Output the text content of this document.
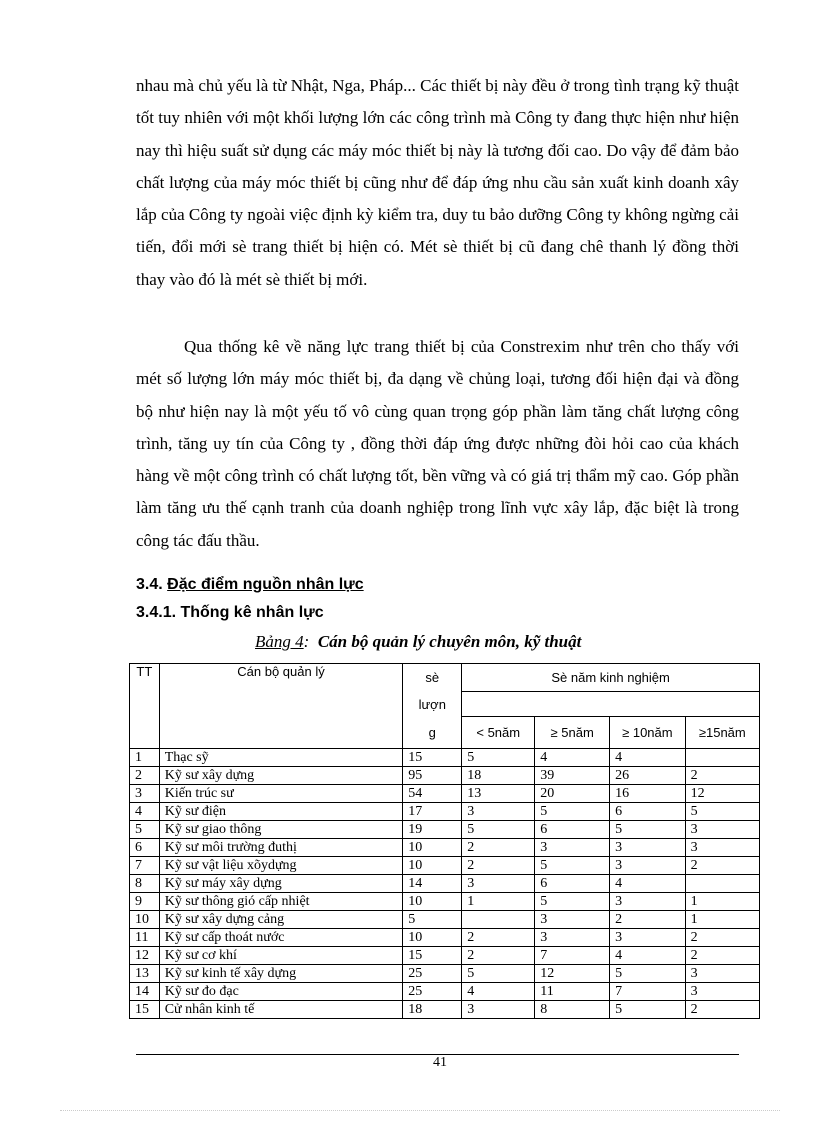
nhau mà chủ yếu là từ Nhật, Nga, Pháp... Các thiết bị này đều ở trong tình trạng kỹ thuật tốt tuy nhiên với một khối lượng lớn các công trình mà Công ty đang thực hiện như hiện nay thì hiệu suất sử dụng các máy móc thiết bị này là tương đối cao. Do vậy để đảm bảo chất lượng của máy móc thiết bị cũng như để đáp ứng nhu cầu sản xuất kinh doanh xây lắp của Công ty ngoài việc định kỳ kiểm tra, duy tu bảo dưỡng Công ty không ngừng cải tiến, đổi mới sè trang thiết bị hiện có. Mét sè thiết bị cũ đang chê thanh lý đồng thời thay vào đó là mét sè thiết bị mới.

Qua thống kê về năng lực trang thiết bị của Constrexim như trên cho thấy với mét số lượng lớn máy móc thiết bị, đa dạng về chủng loại, tương đối hiện đại và đồng bộ như hiện nay là một yếu tố vô cùng quan trọng góp phần làm tăng chất lượng công trình, tăng uy tín của Công ty , đồng thời đáp ứng được những đòi hỏi cao của khách hàng về một công trình có chất lượng tốt, bền vững và có giá trị thẩm mỹ cao. Góp phần làm tăng ưu thế cạnh tranh của doanh nghiệp trong lĩnh vực xây lắp, đặc biệt là trong công tác đấu thầu.

3.4. Đặc điểm nguồn nhân lực

3.4.1. Thống kê nhân lực

Bảng 4:  Cán bộ quản lý chuyên môn, kỹ thuật
TT	Cán bộ quản lý	sè	Sè năm kinh nghiệm			
		lượn				
		g	< 5năm	≥ 5năm	≥ 10năm	≥15năm
1	Thạc sỹ	15	5	4	4	
2	Kỹ sư xây dựng	95	18	39	26	2
3	Kiến trúc sư	54	13	20	16	12
4	Kỹ sư điện	17	3	5	6	5
5	Kỹ sư giao thông	19	5	6	5	3
6	Kỹ sư môi trường đuthị	10	2	3	3	3
7	Kỹ sư vật liệu xõydựng	10	2	5	3	2
8	Kỹ sư máy xây dựng	14	3	6	4	
9	Kỹ sư thông gió cấp nhiệt	10	1	5	3	1
10	Kỹ sư xây dựng cảng	5		3	2	1
11	Kỹ sư cấp thoát nước	10	2	3	3	2
12	Kỹ sư cơ khí	15	2	7	4	2
13	Kỹ sư kinh tế xây dựng	25	5	12	5	3
14	Kỹ sư đo đạc	25	4	11	7	3
15	Cử nhân kinh tế	18	3	8	5	2
41
